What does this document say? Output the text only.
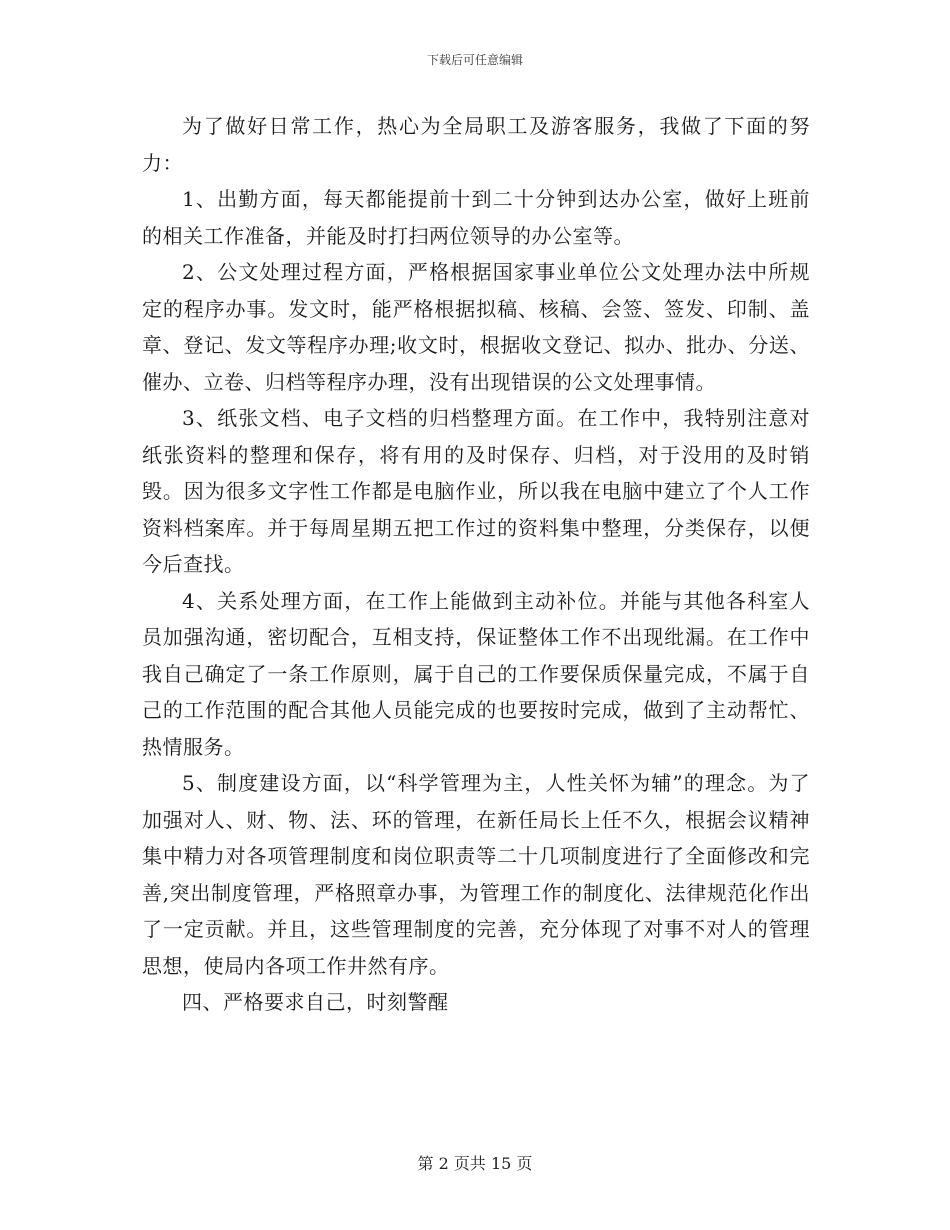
下载后可任意编辑

为了做好日常工作，热心为全局职工及游客服务，我做了下面的努力：

1、出勤方面，每天都能提前十到二十分钟到达办公室，做好上班前的相关工作准备，并能及时打扫两位领导的办公室等。

2、公文处理过程方面，严格根据国家事业单位公文处理办法中所规定的程序办事。发文时，能严格根据拟稿、核稿、会签、签发、印制、盖章、登记、发文等程序办理;收文时，根据收文登记、拟办、批办、分送、催办、立卷、归档等程序办理，没有出现错误的公文处理事情。

3、纸张文档、电子文档的归档整理方面。在工作中，我特别注意对纸张资料的整理和保存，将有用的及时保存、归档，对于没用的及时销毁。因为很多文字性工作都是电脑作业，所以我在电脑中建立了个人工作资料档案库。并于每周星期五把工作过的资料集中整理，分类保存，以便今后查找。

4、关系处理方面，在工作上能做到主动补位。并能与其他各科室人员加强沟通，密切配合，互相支持，保证整体工作不出现纰漏。在工作中我自己确定了一条工作原则，属于自己的工作要保质保量完成，不属于自己的工作范围的配合其他人员能完成的也要按时完成，做到了主动帮忙、热情服务。

5、制度建设方面，以“科学管理为主，人性关怀为辅”的理念。为了加强对人、财、物、法、环的管理，在新任局长上任不久，根据会议精神集中精力对各项管理制度和岗位职责等二十几项制度进行了全面修改和完善,突出制度管理，严格照章办事，为管理工作的制度化、法律规范化作出了一定贡献。并且，这些管理制度的完善，充分体现了对事不对人的管理思想，使局内各项工作井然有序。

四、严格要求自己，时刻警醒

第 2 页共 15 页
